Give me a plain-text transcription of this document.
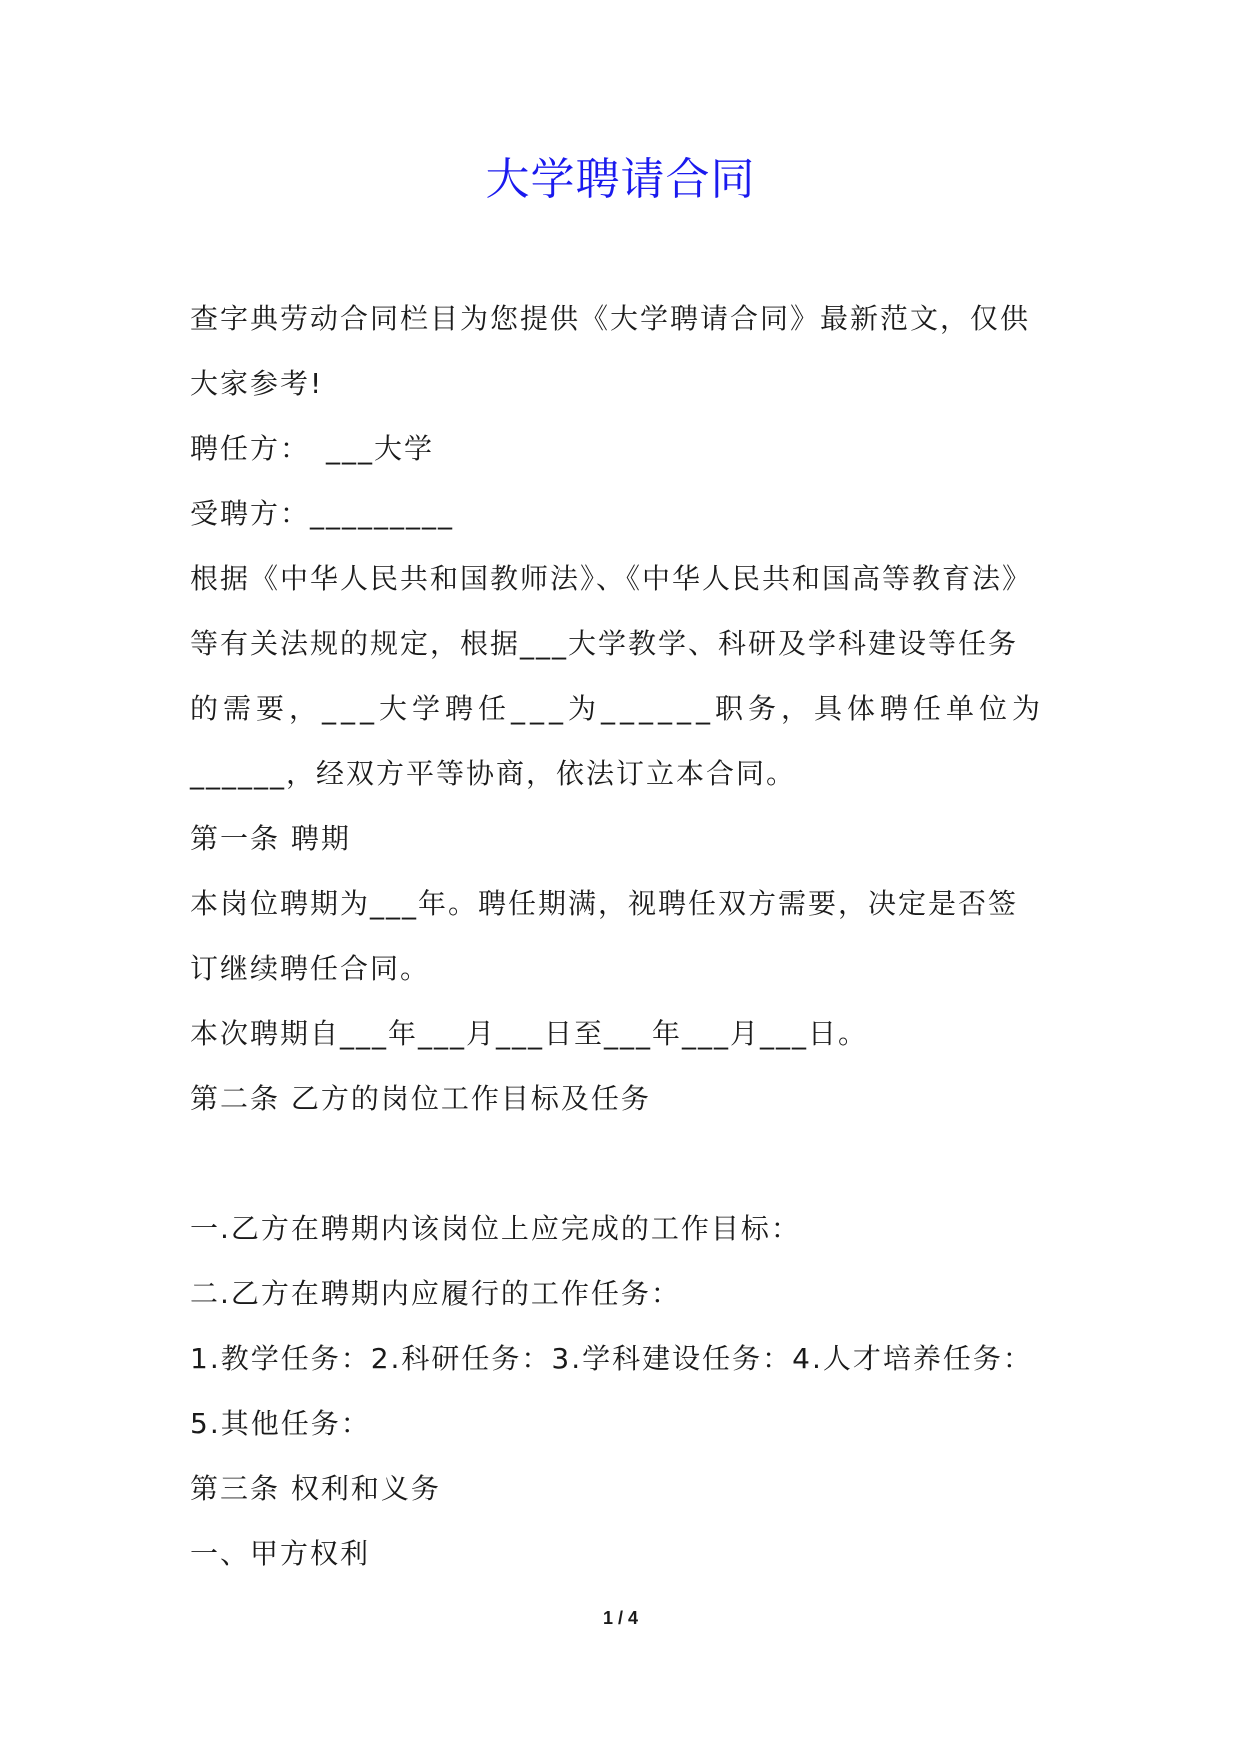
大学聘请合同

查字典劳动合同栏目为您提供《大学聘请合同》最新范文，仅供

大家参考!

聘任方：　___大学

受聘方：_________

根据《中华人民共和国教师法》、《中华人民共和国高等教育法》

等有关法规的规定，根据___大学教学、科研及学科建设等任务

的需要，___大学聘任___为______职务，具体聘任单位为

______，经双方平等协商，依法订立本合同。

第一条 聘期

本岗位聘期为___年。聘任期满，视聘任双方需要，决定是否签

订继续聘任合同。

本次聘期自___年___月___日至___年___月___日。

第二条 乙方的岗位工作目标及任务

一.乙方在聘期内该岗位上应完成的工作目标：

二.乙方在聘期内应履行的工作任务：

1.教学任务：2.科研任务：3.学科建设任务：4.人才培养任务：

5.其他任务：

第三条 权利和义务

一、甲方权利

1 / 4
